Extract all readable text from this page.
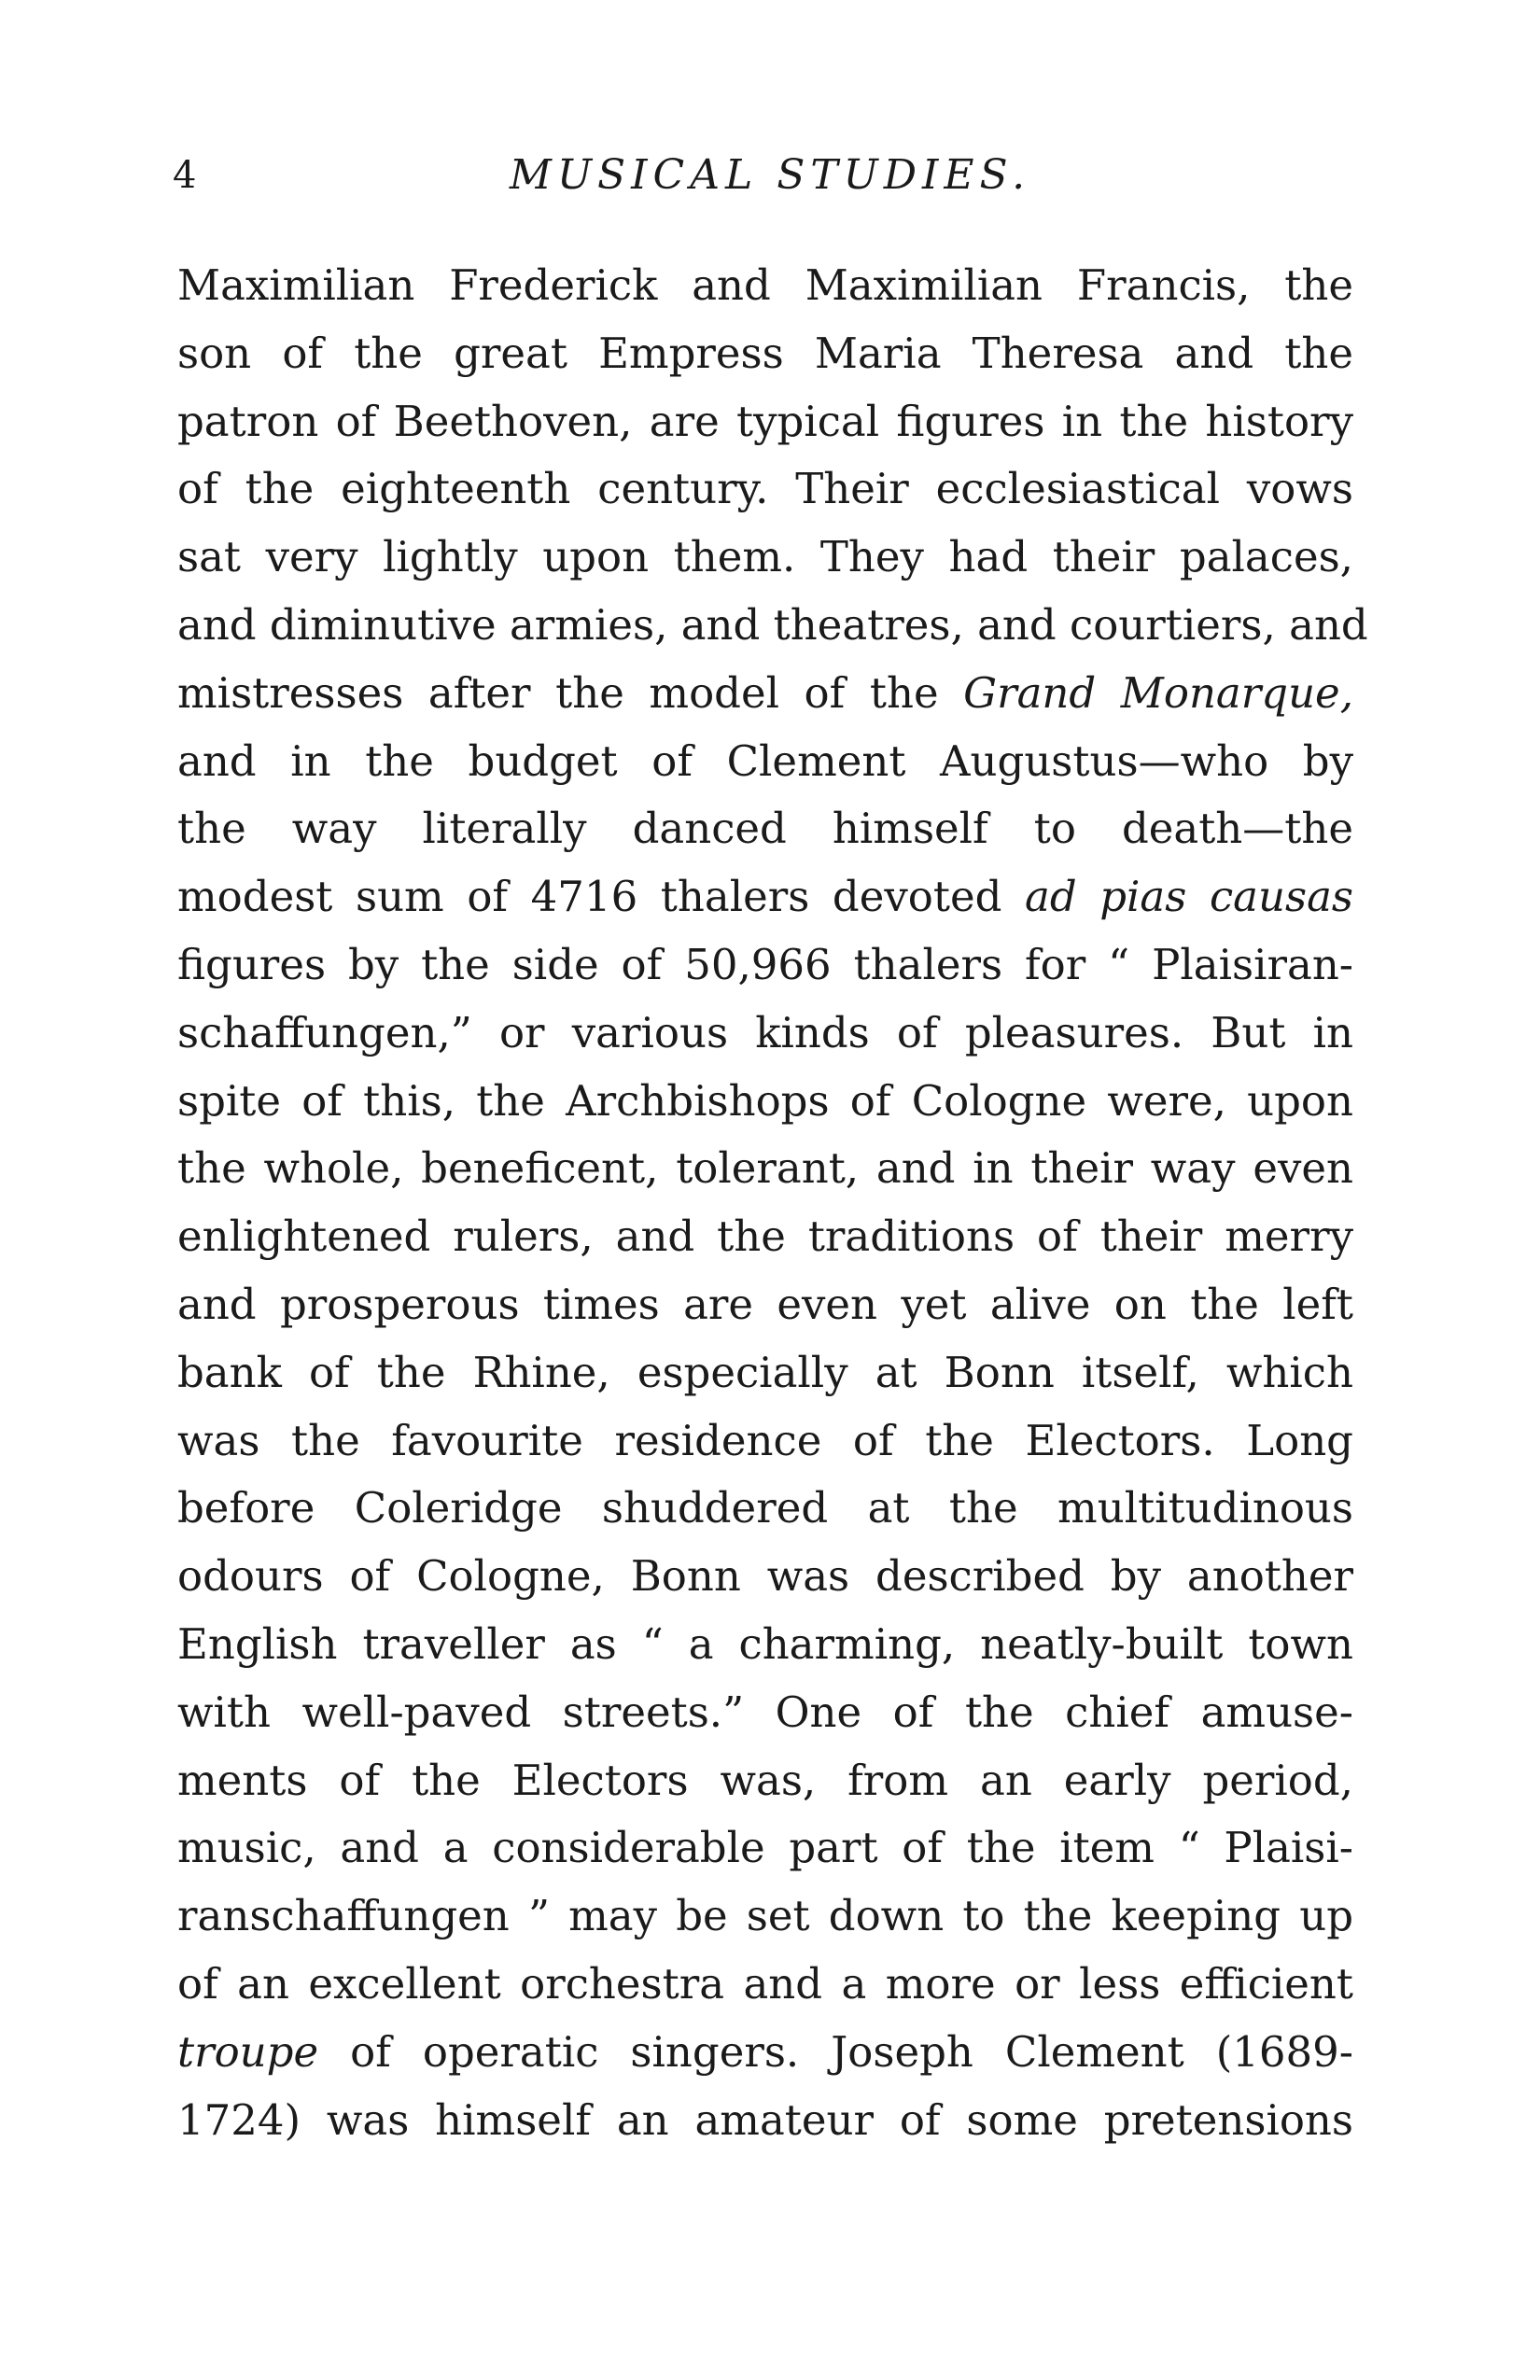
4	MUSICAL STUDIES.
Maximilian Frederick and Maximilian Francis, the
son of the great Empress Maria Theresa and the
patron of Beethoven, are typical figures in the history
of the eighteenth century. Their ecclesiastical vows
sat very lightly upon them. They had their palaces,
and diminutive armies, and theatres, and courtiers, and
mistresses after the model of the Grand Monarque,
and in the budget of Clement Augustus—who by
the way literally danced himself to death—the
modest sum of 4716 thalers devoted ad pias causas
figures by the side of 50,966 thalers for “ Plaisiran-
schaffungen,” or various kinds of pleasures. But in
spite of this, the Archbishops of Cologne were, upon
the whole, beneficent, tolerant, and in their way even
enlightened rulers, and the traditions of their merry
and prosperous times are even yet alive on the left
bank of the Rhine, especially at Bonn itself, which
was the favourite residence of the Electors. Long
before Coleridge shuddered at the multitudinous
odours of Cologne, Bonn was described by another
English traveller as “ a charming, neatly-built town
with well-paved streets.” One of the chief amuse-
ments of the Electors was, from an early period,
music, and a considerable part of the item “ Plaisi-
ranschaffungen ” may be set down to the keeping up
of an excellent orchestra and a more or less efficient
troupe of operatic singers. Joseph Clement (1689-
1724) was himself an amateur of some pretensions
